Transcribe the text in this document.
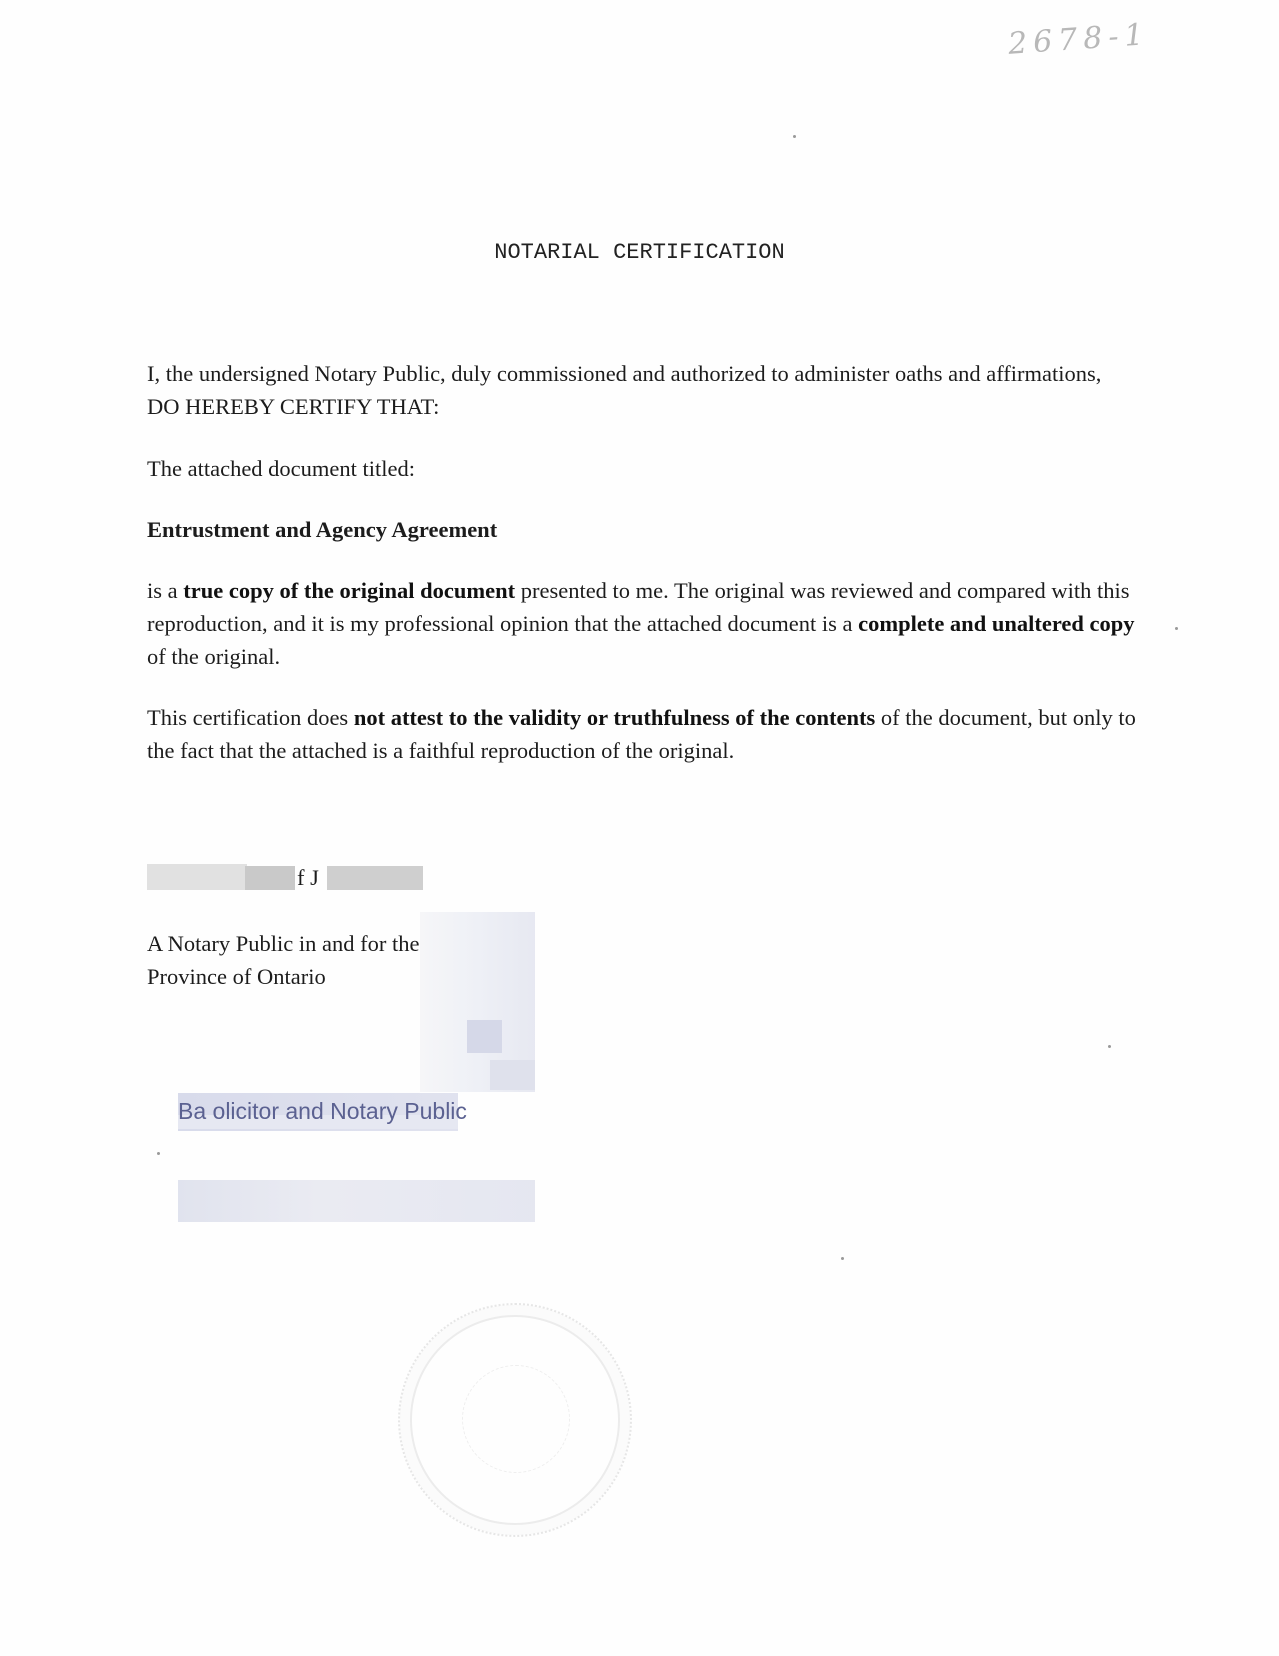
2678-1
NOTARIAL CERTIFICATION
I, the undersigned Notary Public, duly commissioned and authorized to administer oaths and affirmations, DO HEREBY CERTIFY THAT:
The attached document titled:
Entrustment and Agency Agreement
is a true copy of the original document presented to me. The original was reviewed and compared with this reproduction, and it is my professional opinion that the attached document is a complete and unaltered copy of the original.
This certification does not attest to the validity or truthfulness of the contents of the document, but only to the fact that the attached is a faithful reproduction of the original.
f J
A Notary Public in and for the
Province of Ontario
Ba olicitor and Notary Public
